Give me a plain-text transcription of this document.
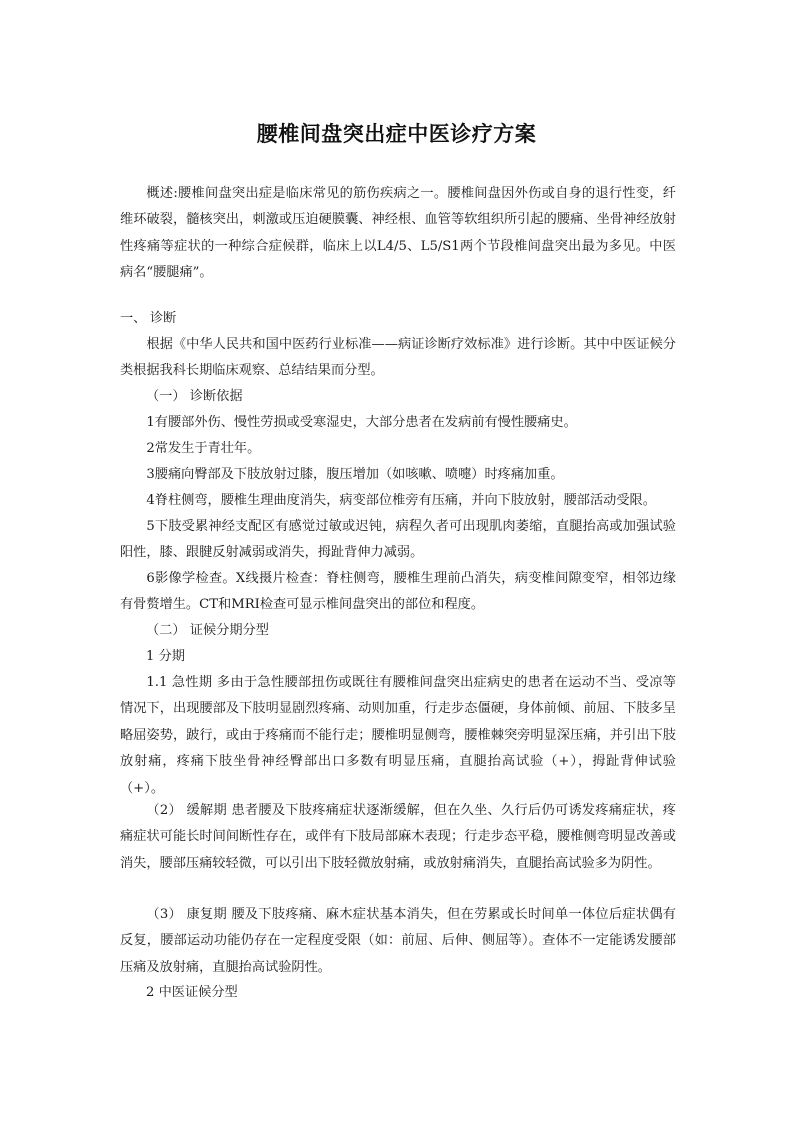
腰椎间盘突出症中医诊疗方案

概述:腰椎间盘突出症是临床常见的筋伤疾病之一。腰椎间盘因外伤或自身的退行性变，纤维环破裂，髓核突出，刺激或压迫硬膜囊、神经根、血管等软组织所引起的腰痛、坐骨神经放射性疼痛等症状的一种综合症候群，临床上以L4/5、L5/S1两个节段椎间盘突出最为多见。中医病名“腰腿痛”。

一、 诊断

根据《中华人民共和国中医药行业标准——病证诊断疗效标准》进行诊断。其中中医证候分类根据我科长期临床观察、总结结果而分型。

（一） 诊断依据

1有腰部外伤、慢性劳损或受寒湿史，大部分患者在发病前有慢性腰痛史。

2常发生于青壮年。

3腰痛向臀部及下肢放射过膝，腹压增加（如咳嗽、喷嚏）时疼痛加重。

4脊柱侧弯，腰椎生理曲度消失，病变部位椎旁有压痛，并向下肢放射，腰部活动受限。

5下肢受累神经支配区有感觉过敏或迟钝，病程久者可出现肌肉萎缩，直腿抬高或加强试验阳性，膝、跟腱反射减弱或消失，拇趾背伸力减弱。

6影像学检查。X线摄片检查：脊柱侧弯，腰椎生理前凸消失，病变椎间隙变窄，相邻边缘有骨赘增生。CT和MRI检查可显示椎间盘突出的部位和程度。

（二） 证候分期分型
1 分期

1.1 急性期 多由于急性腰部扭伤或既往有腰椎间盘突出症病史的患者在运动不当、受凉等情况下，出现腰部及下肢明显剧烈疼痛、动则加重，行走步态僵硬，身体前倾、前屈、下肢多呈略屈姿势，跛行，或由于疼痛而不能行走；腰椎明显侧弯，腰椎棘突旁明显深压痛，并引出下肢放射痛，疼痛下肢坐骨神经臀部出口多数有明显压痛，直腿抬高试验（+），拇趾背伸试验（+）。

（2） 缓解期 患者腰及下肢疼痛症状逐渐缓解，但在久坐、久行后仍可诱发疼痛症状，疼痛症状可能长时间间断性存在，或伴有下肢局部麻木表现；行走步态平稳，腰椎侧弯明显改善或消失，腰部压痛较轻微，可以引出下肢轻微放射痛，或放射痛消失，直腿抬高试验多为阴性。

（3） 康复期 腰及下肢疼痛、麻木症状基本消失，但在劳累或长时间单一体位后症状偶有反复，腰部运动功能仍存在一定程度受限（如：前屈、后伸、侧屈等）。查体不一定能诱发腰部压痛及放射痛，直腿抬高试验阴性。

2 中医证候分型
